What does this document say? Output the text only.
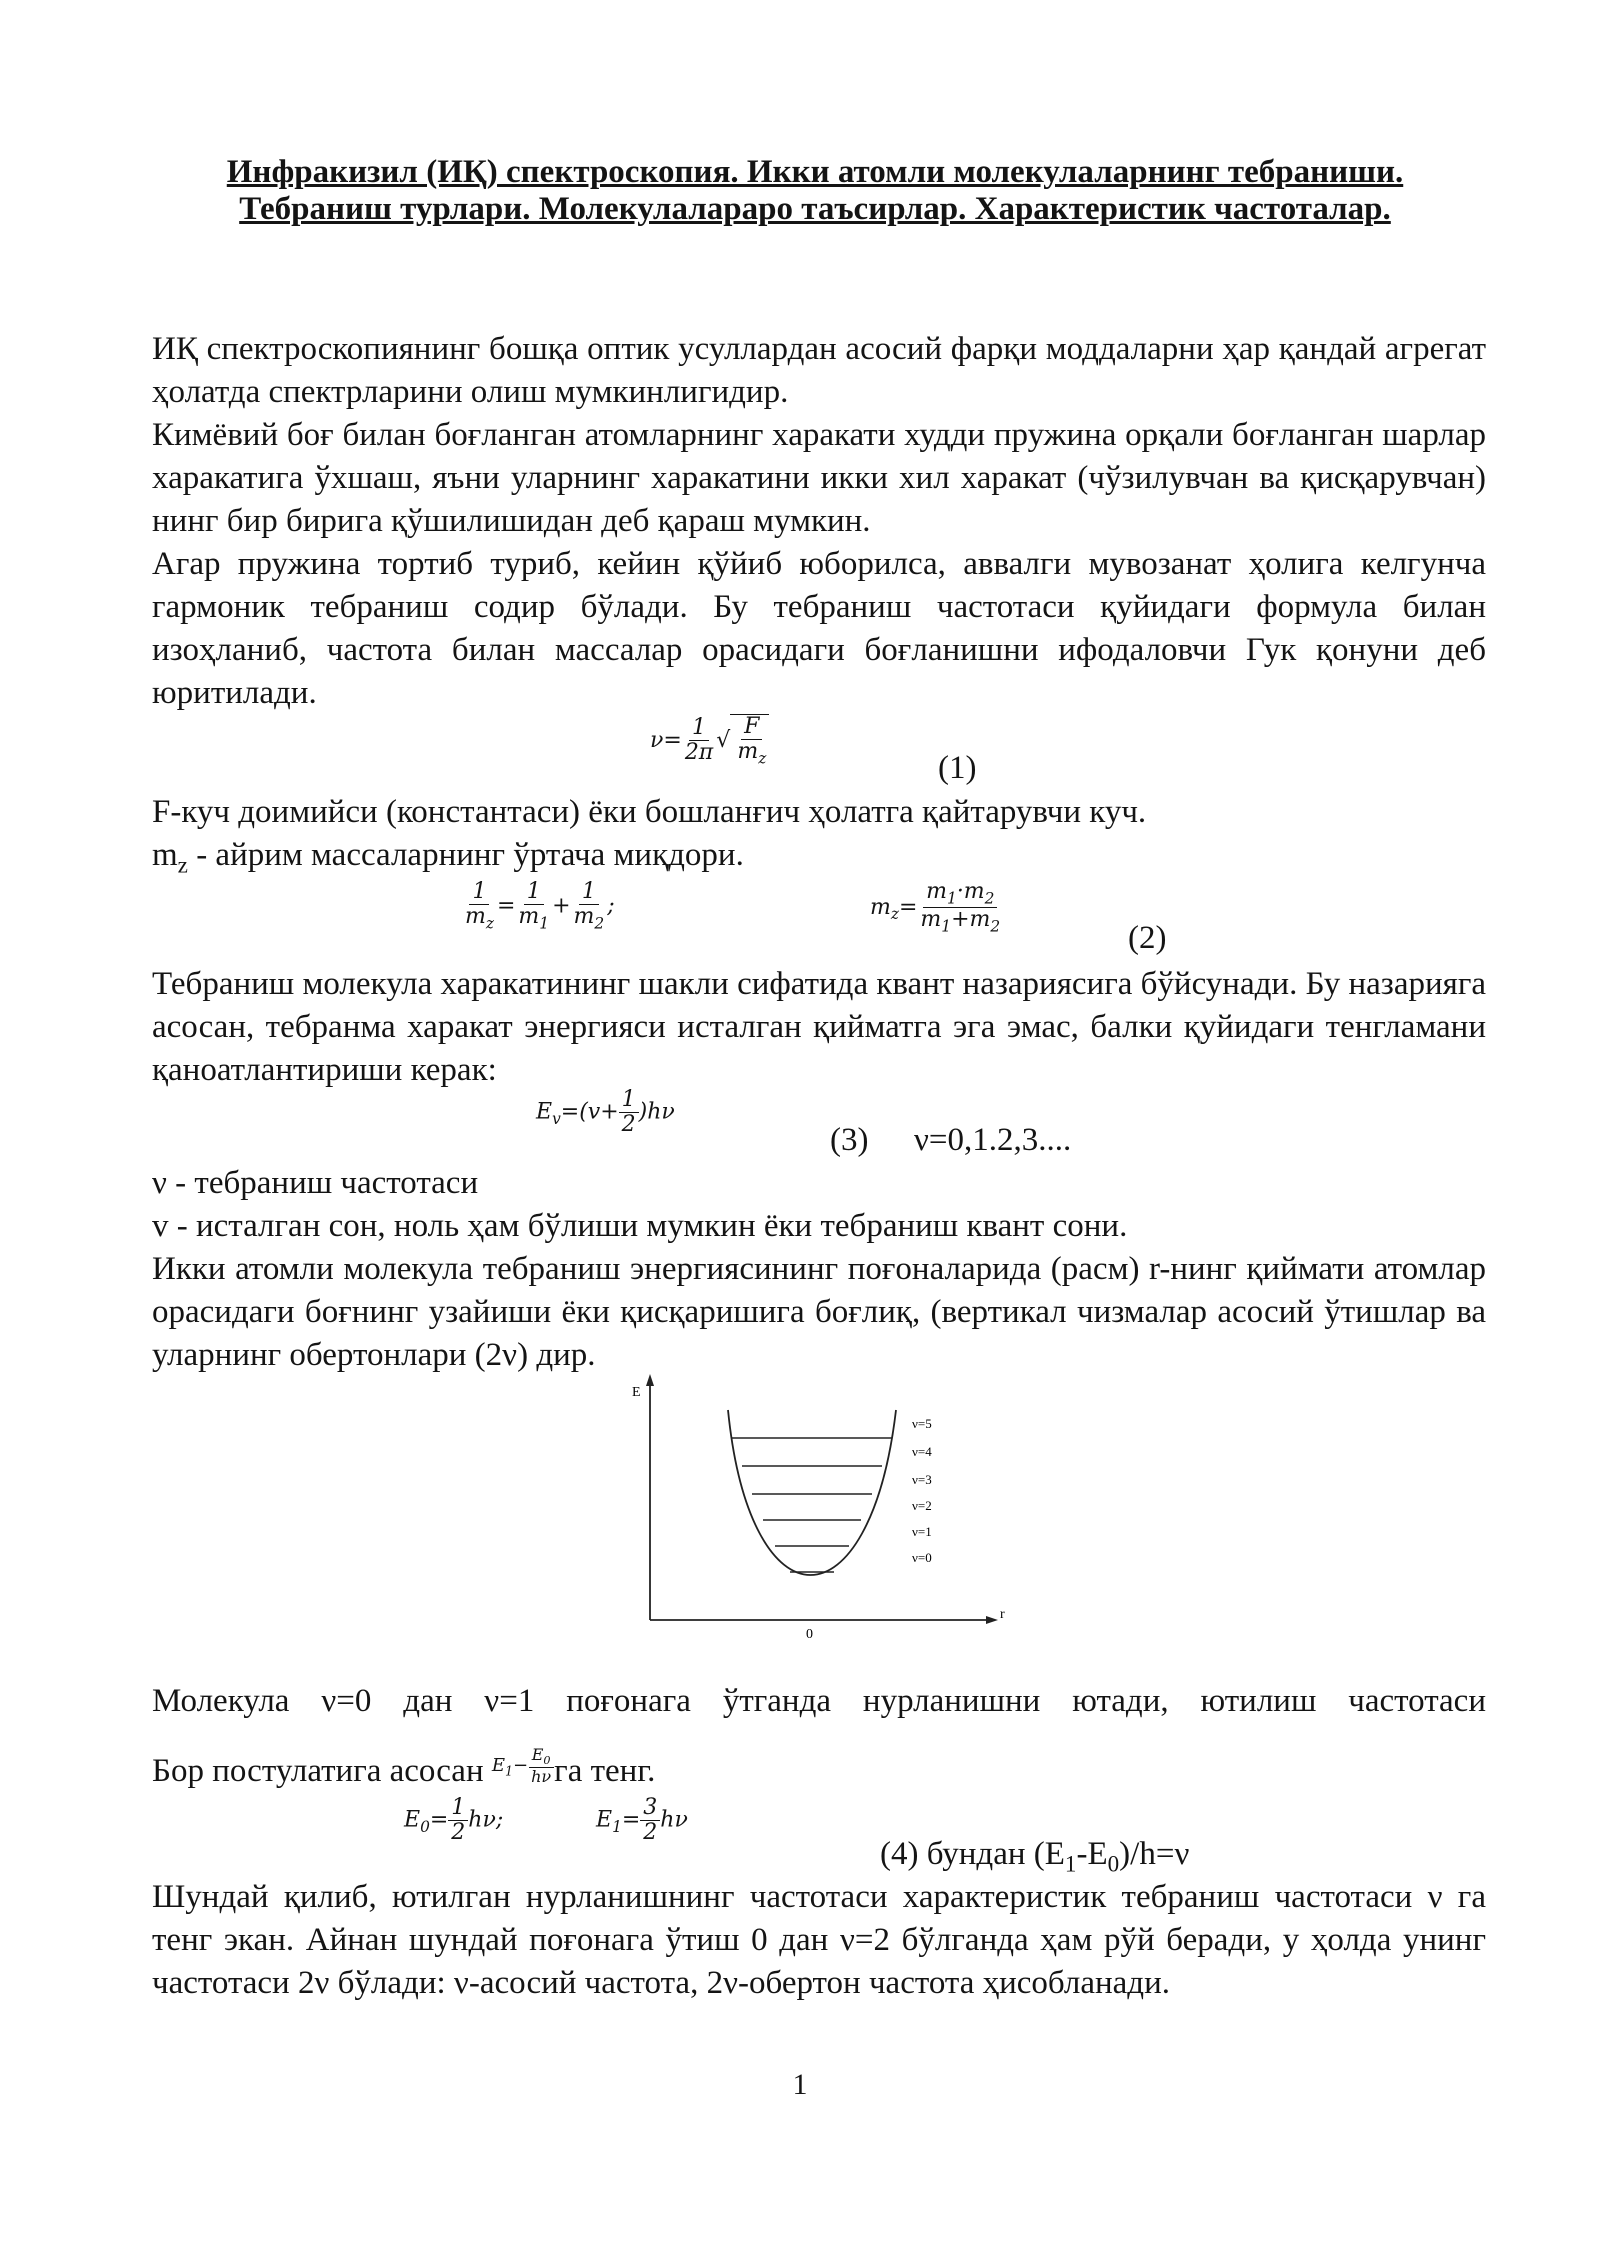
Инфракизил (ИҚ) спектроскопия. Икки атомли молекулаларнинг тебраниши. Тебраниш турлари. Молекулалараро таъсирлар. Характеристик частоталар.

ИҚ спектроскопиянинг бошқа оптик усуллардан асосий фарқи моддаларни ҳар қандай агрегат ҳолатда спектрларини олиш мумкинлигидир.

Кимёвий боғ билан боғланган атомларнинг харакати худди пружина орқали боғланган шарлар харакатига ўхшаш, яъни уларнинг харакатини икки хил харакат (чўзилувчан ва қисқарувчан) нинг бир бирига қўшилишидан деб қараш мумкин.

Агар пружина тортиб туриб, кейин қўйиб юборилса, аввалги мувозанат ҳолига келгунча гармоник тебраниш содир бўлади. Бу тебраниш частотаси қуйидаги формула билан изоҳланиб, частота билан массалар орасидаги боғланишни ифодаловчи Гук қонуни деб юритилади.

$\nu= \frac{1}{2\pi}$ √ $\frac{F}{m_z}$
(1)
F-куч доимийси (константаси) ёки бошланғич ҳолатга қайтарувчи куч.
$m_z$ - айрим массаларнинг ўртача миқдори.
$\frac{1}{m_z} = \frac{1}{m_1} + \frac{1}{m_2}$ ;	$m_z= \frac{m_1\cdot m_2}{m_1+m_2}$
(2)

Тебраниш молекула харакатининг шакли сифатида квант назариясига бўйсунади. Бу назарияга асосан, тебранма харакат энергияси исталган қийматга эга эмас, балки қуйидаги тенгламани қаноатлантириши керак:

$E_v=(v+ \frac{1}{2} )h\nu$
(3) ν=0,1.2,3....
ν - тебраниш частотаси
v - исталган сон, ноль ҳам бўлиши мумкин ёки тебраниш квант сони.

Икки атомли молекула тебраниш энергиясининг поғоналарида (расм) r-нинг қиймати атомлар орасидаги боғнинг узайиши ёки қисқаришига боғлиқ, (вертикал чизмалар асосий ўтишлар ва уларнинг обертонлари (2ν) дир.

E
r
0
ν=5
ν=4
ν=3
ν=2
ν=1
ν=0
Молекула ν=0 дан ν=1 поғонага ўтганда нурланишни ютади, ютилиш частотаси
Бор постулатига асосан $^{E_1- \frac{E_0}{h\nu}}$ га тенг.
$E_0= \frac{1}{2} h\nu$;	$E_1= \frac{3}{2}$ hν
(4) бундан $(E_1-E_0)/h=\nu$

Шундай қилиб, ютилган нурланишнинг частотаси характеристик тебраниш частотаси ν га тенг экан. Айнан шундай поғонага ўтиш 0 дан ν=2 бўлганда ҳам рўй беради, у ҳолда унинг частотаси 2ν бўлади: ν-асосий частота, 2ν-обертон частота ҳисобланади.

1
